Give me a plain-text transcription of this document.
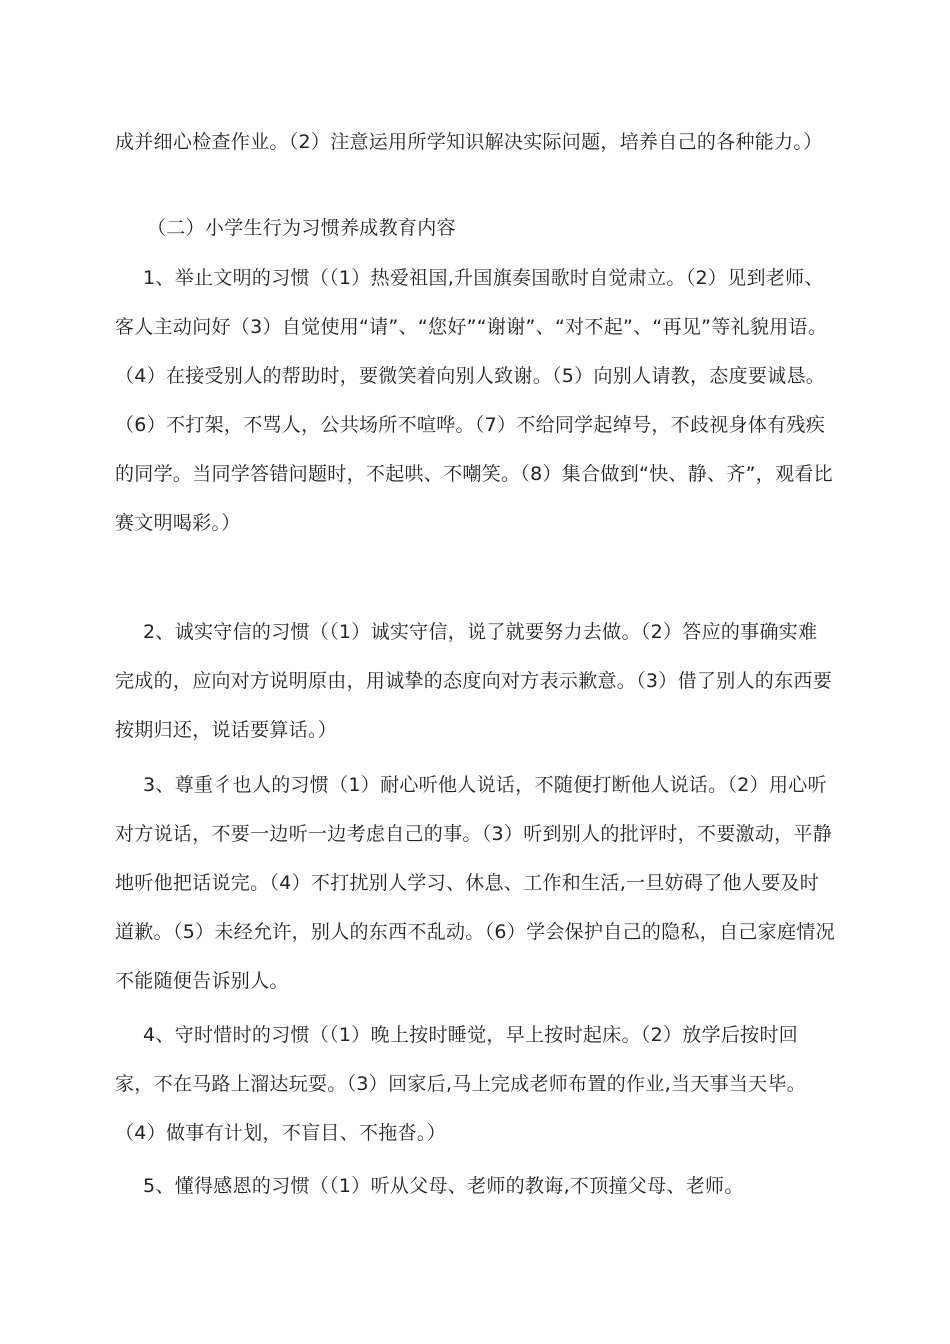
成并细心检查作业。（2）注意运用所学知识解决实际问题，培养自己的各种能力。）

（二）小学生行为习惯养成教育内容

1、举止文明的习惯（（1）热爱祖国,升国旗奏国歌时自觉肃立。（2）见到老师、客人主动问好（3）自觉使用“请”、“您好”“谢谢”、“对不起”、“再见”等礼貌用语。（4）在接受别人的帮助时，要微笑着向别人致谢。（5）向别人请教，态度要诚恳。（6）不打架，不骂人，公共场所不喧哗。（7）不给同学起绰号，不歧视身体有残疾的同学。当同学答错问题时，不起哄、不嘲笑。（8）集合做到“快、静、齐”，观看比赛文明喝彩。）

2、诚实守信的习惯（（1）诚实守信，说了就要努力去做。（2）答应的事确实难完成的，应向对方说明原由，用诚挚的态度向对方表示歉意。（3）借了别人的东西要按期归还，说话要算话。）

3、尊重彳也人的习惯（1）耐心听他人说话，不随便打断他人说话。（2）用心听对方说话，不要一边听一边考虑自己的事。（3）听到别人的批评时，不要激动，平静地听他把话说完。（4）不打扰别人学习、休息、工作和生活,一旦妨碍了他人要及时道歉。（5）未经允许，别人的东西不乱动。（6）学会保护自己的隐私，自己家庭情况不能随便告诉别人。

4、守时惜时的习惯（（1）晚上按时睡觉，早上按时起床。（2）放学后按时回家，不在马路上溜达玩耍。（3）回家后,马上完成老师布置的作业,当天事当天毕。（4）做事有计划，不盲目、不拖沓。）

5、懂得感恩的习惯（（1）听从父母、老师的教诲,不顶撞父母、老师。
